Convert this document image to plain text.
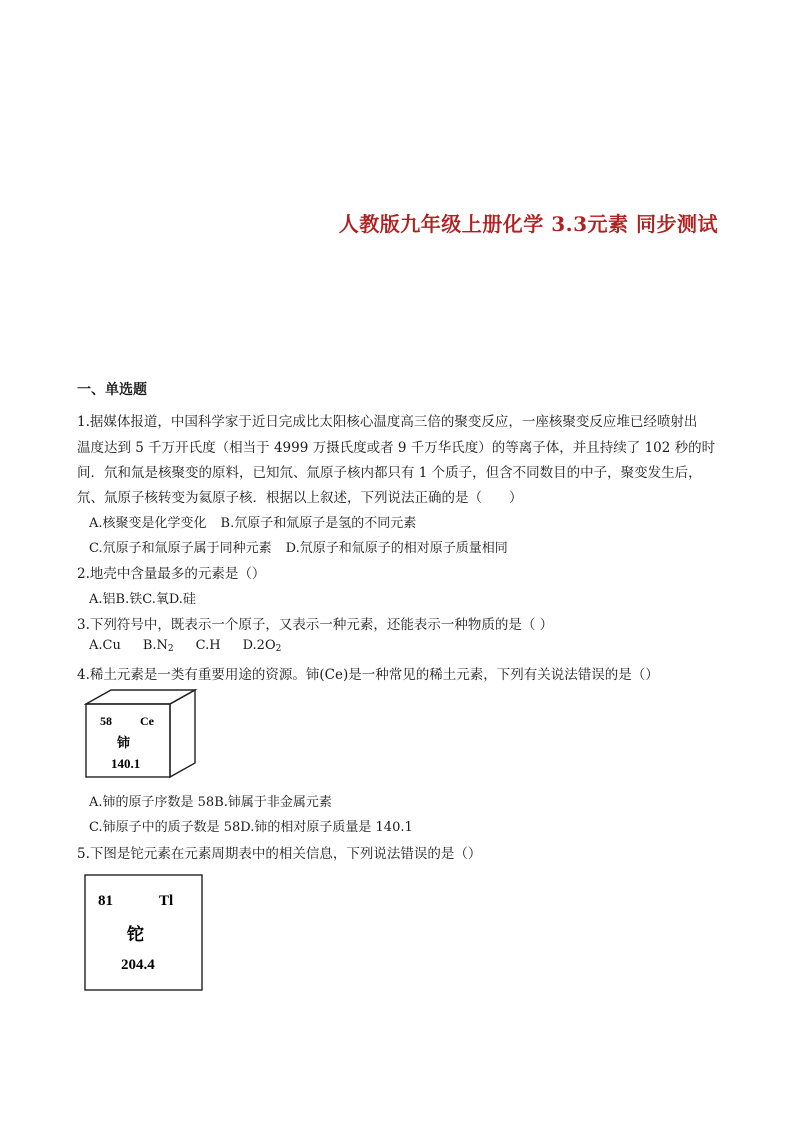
人教版九年级上册化学 3.3元素 同步测试
一、单选题
1.据媒体报道，中国科学家于近日完成比太阳核心温度高三倍的聚变反应，一座核聚变反应堆已经喷射出
温度达到 5 千万开氏度（相当于 4999 万摄氏度或者 9 千万华氏度）的等离子体，并且持续了 102 秒的时
间．氘和氚是核聚变的原料，已知氘、氚原子核内都只有 1 个质子，但含不同数目的中子，聚变发生后，
氘、氚原子核转变为氦原子核．根据以上叙述，下列说法正确的是（　　）
A.核聚变是化学变化 B.氘原子和氚原子是氢的不同元素
C.氘原子和氚原子属于同种元素 D.氘原子和氚原子的相对原子质量相同
2.地壳中含量最多的元素是（）
A.铝B.铁C.氧D.硅
3.下列符号中，既表示一个原子，又表示一种元素，还能表示一种物质的是（ ）
A.Cu $B.N_2$ C.H $D.2O_2$
4.稀土元素是一类有重要用途的资源。铈(Ce)是一种常见的稀土元素，下列有关说法错误的是（）
58 Ce
铈
140.1
A.铈的原子序数是 58B.铈属于非金属元素
C.铈原子中的质子数是 58D.铈的相对原子质量是 140.1
5.下图是铊元素在元素周期表中的相关信息，下列说法错误的是（）
81	Tl
铊
204.4
